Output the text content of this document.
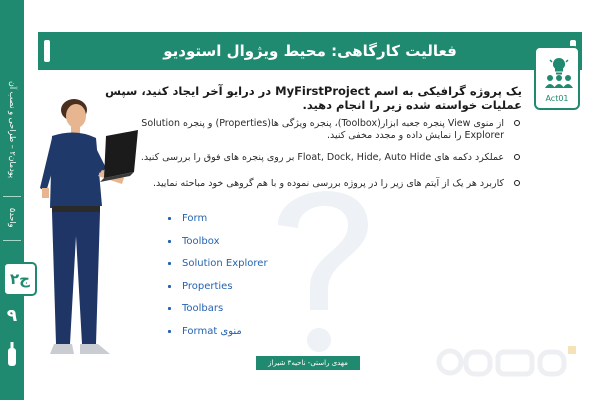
پودمان۲ – طراحی و نصب آن
واحد۵
۹
۲ج
فعالیت کارگاهی: محیط ویژوال استودیو
Act01
یک پروژه گرافیکی به اسم MyFirstProject در درایو آخر ایجاد کنید، سپس عملیات خواسته شده زیر را انجام دهید.
از منوی View پنجره جعبه ابزار(Toolbox)، پنجره ویژگی ها(Properties) و پنجره Solution Explorer را نمایش داده و مجدد مخفی کنید.
عملکرد دکمه های Float, Dock, Hide, Auto Hide بر روی پنجره های فوق را بررسی کنید.
کاربرد هر یک از آیتم های زیر را در پروژه بررسی نموده و با هم گروهی خود مباحثه نمایید.
Form
Toolbox
Solution Explorer
Properties
Toolbars
Format منوی
مهدی راستی- ناحیه۳ شیراز
